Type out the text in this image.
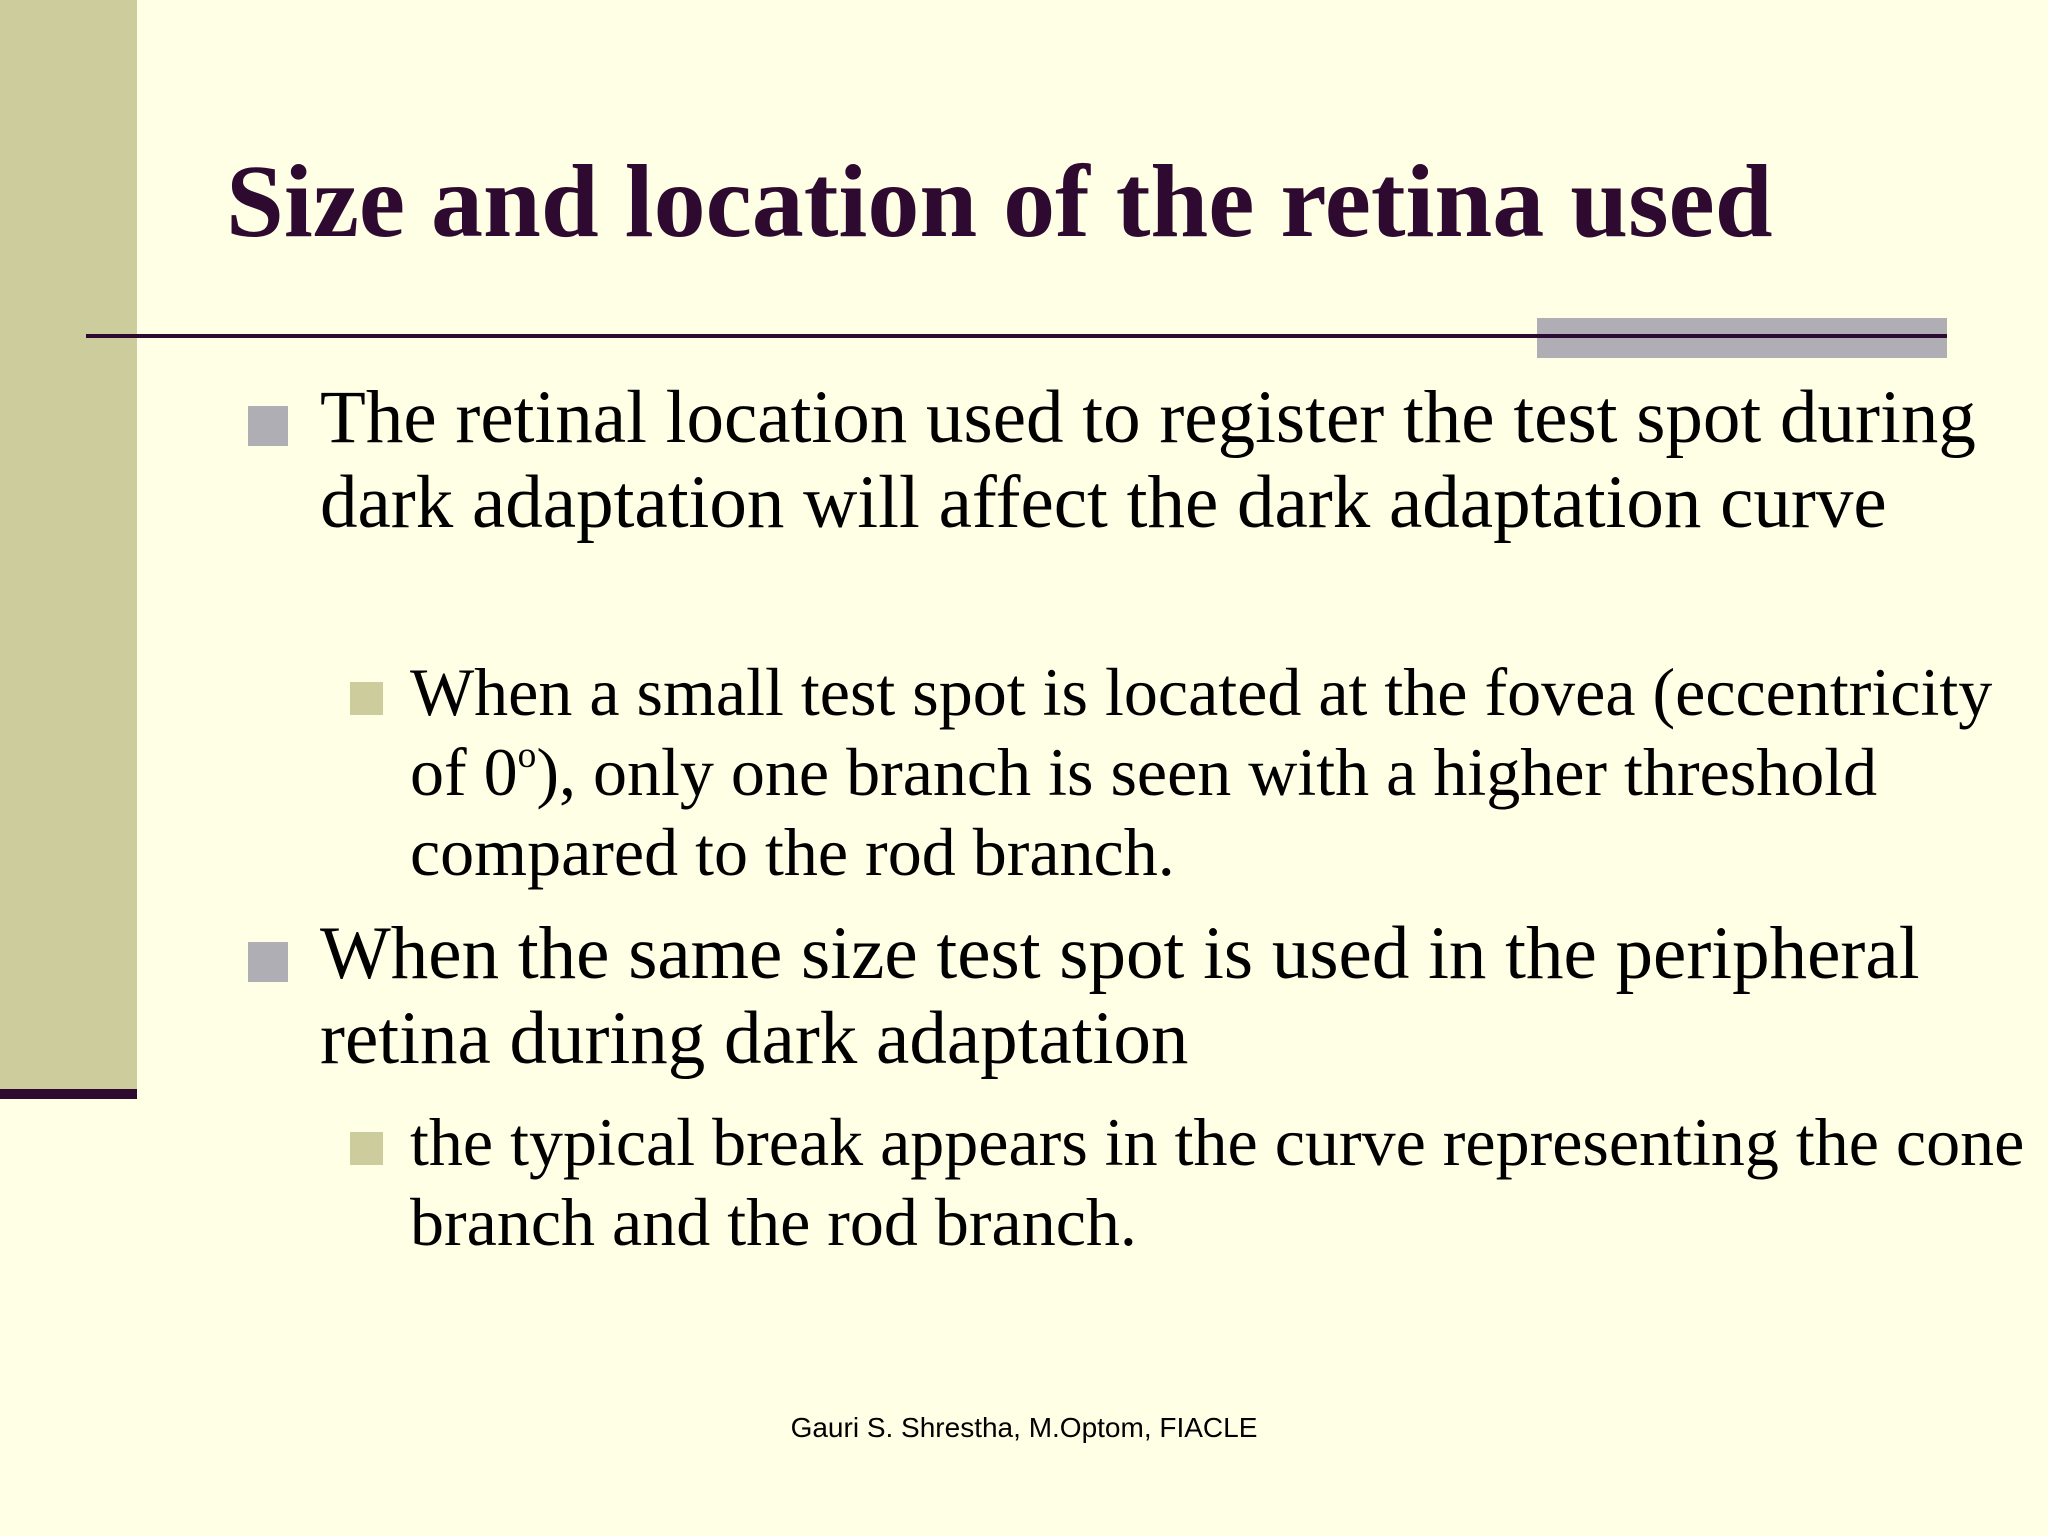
Size and location of the retina used
The retinal location used to register the test spot during dark adaptation will affect the dark adaptation curve
When a small test spot is located at the fovea (eccentricity of 0$^o$), only one branch is seen with a higher threshold compared to the rod branch.
When the same size test spot is used in the peripheral retina during dark adaptation
the typical break appears in the curve representing the cone branch and the rod branch.
Gauri S. Shrestha, M.Optom, FIACLE
